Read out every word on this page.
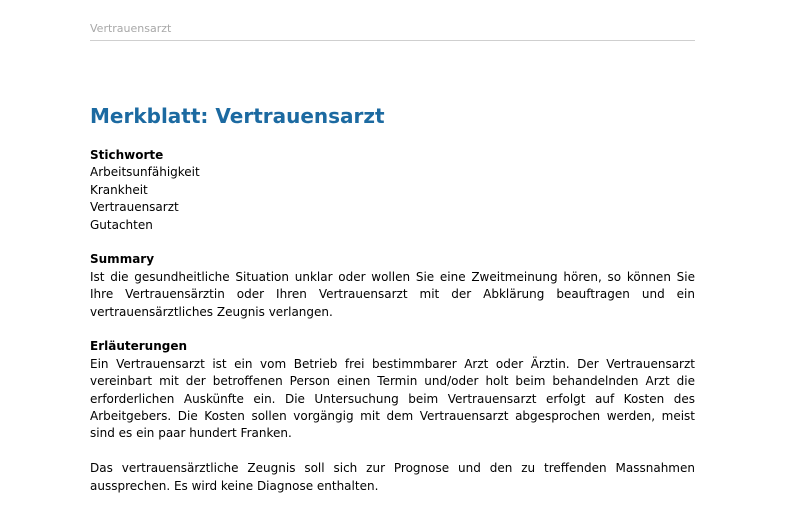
Vertrauensarzt
Merkblatt: Vertrauensarzt
Stichworte
Arbeitsunfähigkeit
Krankheit
Vertrauensarzt
Gutachten
Summary
Ist die gesundheitliche Situation unklar oder wollen Sie eine Zweitmeinung hören, so können Sie Ihre Vertrauensärztin oder Ihren Vertrauensarzt mit der Abklärung beauftragen und ein vertrauensärztliches Zeugnis verlangen.
Erläuterungen
Ein Vertrauensarzt ist ein vom Betrieb frei bestimmbarer Arzt oder Ärztin. Der Vertrauensarzt vereinbart mit der betroffenen Person einen Termin und/oder holt beim behandelnden Arzt die erforderlichen Auskünfte ein. Die Untersuchung beim Vertrauensarzt erfolgt auf Kosten des Arbeitgebers. Die Kosten sollen vorgängig mit dem Vertrauensarzt abgesprochen werden, meist sind es ein paar hundert Franken.
Das vertrauensärztliche Zeugnis soll sich zur Prognose und den zu treffenden Massnahmen aussprechen. Es wird keine Diagnose enthalten.
